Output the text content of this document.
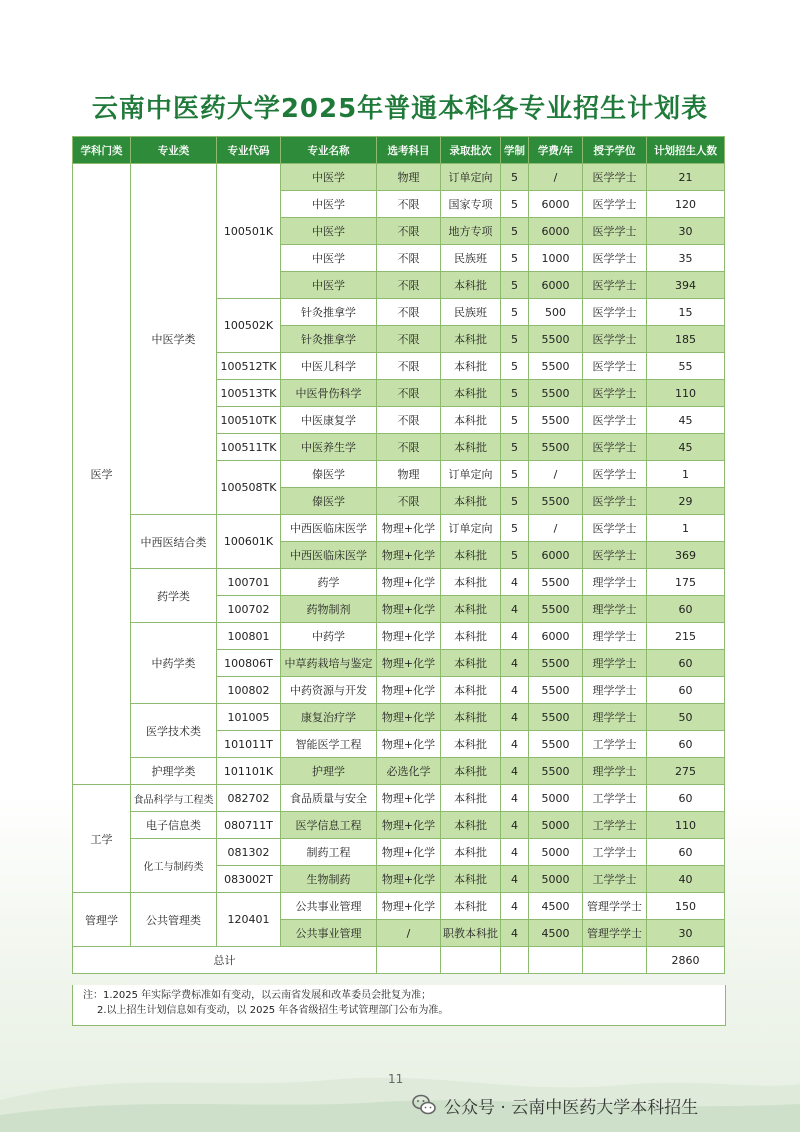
云南中医药大学2025年普通本科各专业招生计划表
学科门类	专业类	专业代码	专业名称	选考科目	录取批次	学制	学费/年	授予学位	计划招生人数
医学	中医学类	100501K	中医学	物理	订单定向	5	/	医学学士	21
			中医学	不限	国家专项	5	6000	医学学士	120
			中医学	不限	地方专项	5	6000	医学学士	30
			中医学	不限	民族班	5	1000	医学学士	35
			中医学	不限	本科批	5	6000	医学学士	394
		100502K	针灸推拿学	不限	民族班	5	500	医学学士	15
			针灸推拿学	不限	本科批	5	5500	医学学士	185
		100512TK	中医儿科学	不限	本科批	5	5500	医学学士	55
		100513TK	中医骨伤科学	不限	本科批	5	5500	医学学士	110
		100510TK	中医康复学	不限	本科批	5	5500	医学学士	45
		100511TK	中医养生学	不限	本科批	5	5500	医学学士	45
		100508TK	傣医学	物理	订单定向	5	/	医学学士	1
			傣医学	不限	本科批	5	5500	医学学士	29
	中西医结合类	100601K	中西医临床医学	物理+化学	订单定向	5	/	医学学士	1
			中西医临床医学	物理+化学	本科批	5	6000	医学学士	369
	药学类	100701	药学	物理+化学	本科批	4	5500	理学学士	175
		100702	药物制剂	物理+化学	本科批	4	5500	理学学士	60
	中药学类	100801	中药学	物理+化学	本科批	4	6000	理学学士	215
		100806T	中草药栽培与鉴定	物理+化学	本科批	4	5500	理学学士	60
		100802	中药资源与开发	物理+化学	本科批	4	5500	理学学士	60
	医学技术类	101005	康复治疗学	物理+化学	本科批	4	5500	理学学士	50
		101011T	智能医学工程	物理+化学	本科批	4	5500	工学学士	60
	护理学类	101101K	护理学	必选化学	本科批	4	5500	理学学士	275
工学	食品科学与工程类	082702	食品质量与安全	物理+化学	本科批	4	5000	工学学士	60
	电子信息类	080711T	医学信息工程	物理+化学	本科批	4	5000	工学学士	110
	化工与制药类	081302	制药工程	物理+化学	本科批	4	5000	工学学士	60
		083002T	生物制药	物理+化学	本科批	4	5000	工学学士	40
管理学	公共管理类	120401	公共事业管理	物理+化学	本科批	4	4500	管理学学士	150
			公共事业管理	/	职教本科批	4	4500	管理学学士	30
总计									2860
注：1.2025 年实际学费标准如有变动，以云南省发展和改革委员会批复为准；
2.以上招生计划信息如有变动，以 2025 年各省级招生考试管理部门公布为准。
11
公众号 · 云南中医药大学本科招生
